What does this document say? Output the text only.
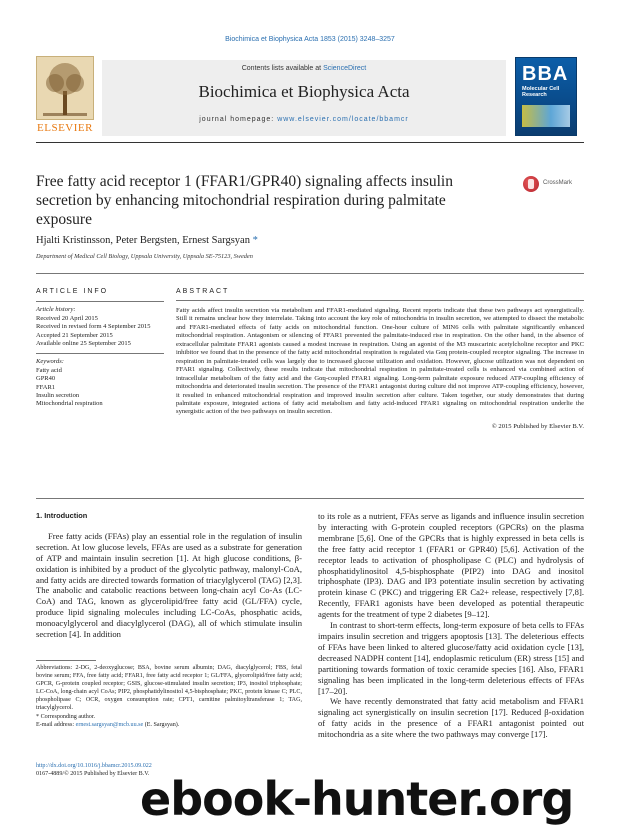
Biochimica et Biophysica Acta 1853 (2015) 3248–3257
ELSEVIER
Contents lists available at ScienceDirect
Biochimica et Biophysica Acta
journal homepage: www.elsevier.com/locate/bbamcr
BBA
Molecular Cell Research
Free fatty acid receptor 1 (FFAR1/GPR40) signaling affects insulin secretion by enhancing mitochondrial respiration during palmitate exposure
CrossMark
Hjalti Kristinsson, Peter Bergsten, Ernest Sargsyan *
Department of Medical Cell Biology, Uppsala University, Uppsala SE-75123, Sweden
ARTICLE INFO
Article history:
Received 20 April 2015
Received in revised form 4 September 2015
Accepted 21 September 2015
Available online 25 September 2015
Keywords:
Fatty acid
GPR40
FFAR1
Insulin secretion
Mitochondrial respiration
ABSTRACT
Fatty acids affect insulin secretion via metabolism and FFAR1-mediated signaling. Recent reports indicate that these two pathways act synergistically. Still it remains unclear how they interrelate. Taking into account the key role of mitochondria in insulin secretion, we attempted to dissect the metabolic and FFAR1-mediated effects of fatty acids on mitochondrial function. One-hour culture of MIN6 cells with palmitate significantly enhanced mitochondrial respiration. Antagonism or silencing of FFAR1 prevented the palmitate-induced rise in respiration. On the other hand, in the absence of extracellular palmitate FFAR1 agonists caused a modest increase in respiration. Using an agonist of the M3 muscarinic acetylcholine receptor and PKC inhibitor we found that in the presence of the fatty acid mitochondrial respiration is regulated via Gαq protein-coupled receptor signaling. The increase in respiration in palmitate-treated cells was largely due to increased glucose utilization and oxidation. However, glucose utilization was not dependent on FFAR1 signaling. Collectively, these results indicate that mitochondrial respiration in palmitate-treated cells is enhanced via combined action of intracellular metabolism of the fatty acid and the Gαq-coupled FFAR1 signaling. Long-term palmitate exposure reduced ATP-coupling efficiency of mitochondria and deteriorated insulin secretion. The presence of the FFAR1 antagonist during culture did not improve ATP-coupling efficiency, however, it resulted in enhanced mitochondrial respiration and improved insulin secretion after culture. Taken together, our study demonstrates that during palmitate exposure, integrated actions of fatty acid metabolism and fatty acid-induced FFAR1 signaling on mitochondrial respiration underlie the synergistic action of the two pathways on insulin secretion.
© 2015 Published by Elsevier B.V.
1. Introduction

Free fatty acids (FFAs) play an essential role in the regulation of insulin secretion. At low glucose levels, FFAs are used as a substrate for generation of ATP and maintain insulin secretion [1]. At high glucose conditions, β-oxidation is inhibited by a product of the glycolytic pathway, malonyl-CoA, and fatty acids are directed towards formation of triacylglycerol (TAG) [2,3]. The anabolic and catabolic reactions between long-chain acyl Co-As (LC-CoA) and TAG, known as glycerolipid/free fatty acid (GL/FFA) cycle, produce lipid signaling molecules including LC-CoAs, phosphatic acids, monoacylglycerol and diacylglycerol (DAG), all of which stimulate insulin secretion [4]. In addition

to its role as a nutrient, FFAs serve as ligands and influence insulin secretion by interacting with G-protein coupled receptors (GPCRs) on the plasma membrane [5,6]. One of the GPCRs that is highly expressed in beta cells is the free fatty acid receptor 1 (FFAR1 or GPR40) [5,6]. Activation of the receptor leads to activation of phospholipase C (PLC) and hydrolysis of phosphatidylinositol 4,5-bisphosphate (PIP2) into DAG and inositol triphosphate (IP3). DAG and IP3 potentiate insulin secretion by activating protein kinase C (PKC) and triggering ER Ca2+ release, respectively [7,8]. Recently, FFAR1 agonists have been developed as potential therapeutic agents for the treatment of type 2 diabetes [9–12].

In contrast to short-term effects, long-term exposure of beta cells to FFAs impairs insulin secretion and triggers apoptosis [13]. The deleterious effects of FFAs have been linked to altered glucose/fatty acid oxidation cycle [13], decreased NADPH content [14], endoplasmic reticulum (ER) stress [15] and partitioning towards formation of toxic ceramide species [16]. Also, FFAR1 signaling has been implicated in the long-term deleterious effects of FFAs [17–20].

We have recently demonstrated that fatty acid metabolism and FFAR1 signaling act synergistically on insulin secretion [17]. Reduced β-oxidation of fatty acids in the presence of a FFAR1 antagonist pointed out mitochondria as a site where the two pathways may converge [17].

Abbreviations: 2-DG, 2-deoxyglucose; BSA, bovine serum albumin; DAG, diacylglycerol; FBS, fetal bovine serum; FFA, free fatty acid; FFAR1, free fatty acid receptor 1; GL/FFA, glycerolipid/free fatty acid; GPCR, G-protein coupled receptor; GSIS, glucose-stimulated insulin secretion; IP3, inositol triphosphate; LC-CoA, long-chain acyl CoAs; PIP2, phosphatidylinositol 4,5-bisphosphate; PKC, protein kinase C; PLC, phospholipase C; OCR, oxygen consumption rate; CPT1, carnitine palmitoyltransferase 1; TAG, triacylglycerol.
* Corresponding author.
E-mail address: ernest.sargsyan@mcb.uu.se (E. Sargsyan).
http://dx.doi.org/10.1016/j.bbamcr.2015.09.022
0167-4889/© 2015 Published by Elsevier B.V.
ebook-hunter.org
